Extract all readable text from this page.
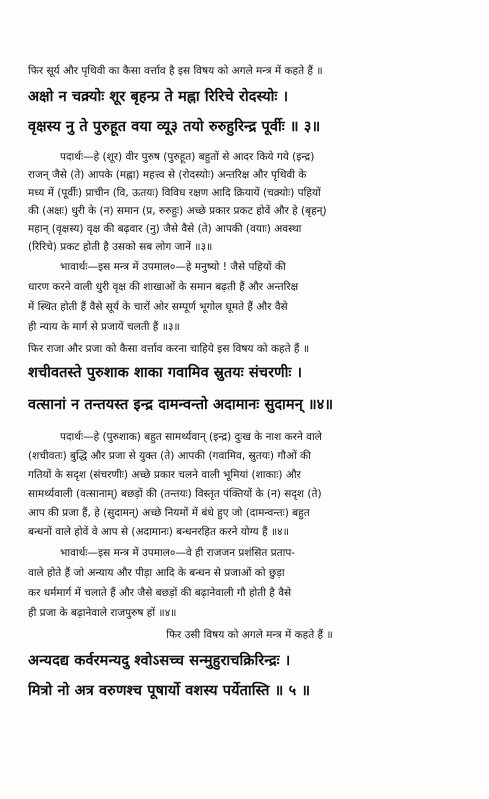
फिर सूर्य और पृथिवी का कैसा वर्त्ताव है इस विषय को अगले मन्त्र में कहते हैं ॥
अक्षो न चक्र्योः शूर बृहन्प्र ते मह्ना रिरिचे रोदस्योः ।
वृक्षस्य नु ते पुरुहूत वया व्यू३ तयो रुरुहुरिन्द्र पूर्वीः ॥ ३॥
पदार्थः—हे (शूर) वीर पुरुष (पुरुहूत) बहुतों से आदर किये गये (इन्द्र)
राजन् जैसे (ते) आपके (मह्ना) महत्त्व से (रोदस्योः) अन्तरिक्ष और पृथिवी के
मध्य में (पूर्वीः) प्राचीन (वि, ऊतयः) विविध रक्षण आदि क्रियायें (चक्र्योः) पहियों
की (अक्षः) धुरी के (न) समान (प्र, रुरुहुः) अच्छे प्रकार प्रकट होवें और हे (बृहन्)
महान् (वृक्षस्य) वृक्ष की बढ़वार (नु) जैसे वैसे (ते) आपकी (वयाः) अवस्था
(रिरिचे) प्रकट होती है उसको सब लोग जानें ॥३॥
भावार्थः—इस मन्त्र में उपमाल०—हे मनुष्यो ! जैसे पहियों की
धारण करने वाली धुरी वृक्ष की शाखाओं के समान बढ़ती हैं और अन्तरिक्ष
में स्थित होती हैं वैसे सूर्य के चारों ओर सम्पूर्ण भूगोल घूमते हैं और वैसे
ही न्याय के मार्ग से प्रजायें चलती हैं ॥३॥
फिर राजा और प्रजा को कैसा वर्त्ताव करना चाहिये इस विषय को कहते हैं ॥
शचीवतस्ते पुरुशाक शाका गवामिव स्रुतयः संचरणीः ।
वत्सानां न तन्तयस्त इन्द्र दामन्वन्तो अदामानः सुदामन् ॥४॥
पदार्थः—हे (पुरुशाक) बहुत सामर्थ्यवान् (इन्द्र) दुःख के नाश करने वाले
(शचीवतः) बुद्धि और प्रजा से युक्त (ते) आपकी (गवामिव, स्रुतयः) गौओं की
गतियों के सदृश (संचरणीः) अच्छे प्रकार चलने वाली भूमियां (शाकाः) और
सामर्थ्यवाली (वत्सानाम्) बछड़ों की (तन्तयः) विस्तृत पंक्तियों के (न) सदृश (ते)
आप की प्रजा हैं, हे (सुदामन्) अच्छे नियमों में बंधे हुए जो (दामन्वन्तः) बहुत
बन्धनों वाले होवें वे आप से (अदामानः) बन्धनरहित करने योग्य हैं ॥४॥
भावार्थः—इस मन्त्र में उपमाल०—वे ही राजजन प्रशंसित प्रताप-
वाले होते हैं जो अन्याय और पीड़ा आदि के बन्धन से प्रजाओं को छुड़ा
कर धर्ममार्ग में चलाते हैं और जैसे बछड़ों की बढ़ानेवाली गौ होती है वैसे
ही प्रजा के बढ़ानेवाले राजपुरुष हों ॥४॥
फिर उसी विषय को अगले मन्त्र में कहते हैं ॥
अन्यदद्य कर्वरमन्यदु श्वोऽसच्च सन्मुहुराचक्रिरिन्द्रः ।
मित्रो नो अत्र वरुणश्च पूषार्यो वशस्य पर्येतास्ति ॥ ५ ॥
